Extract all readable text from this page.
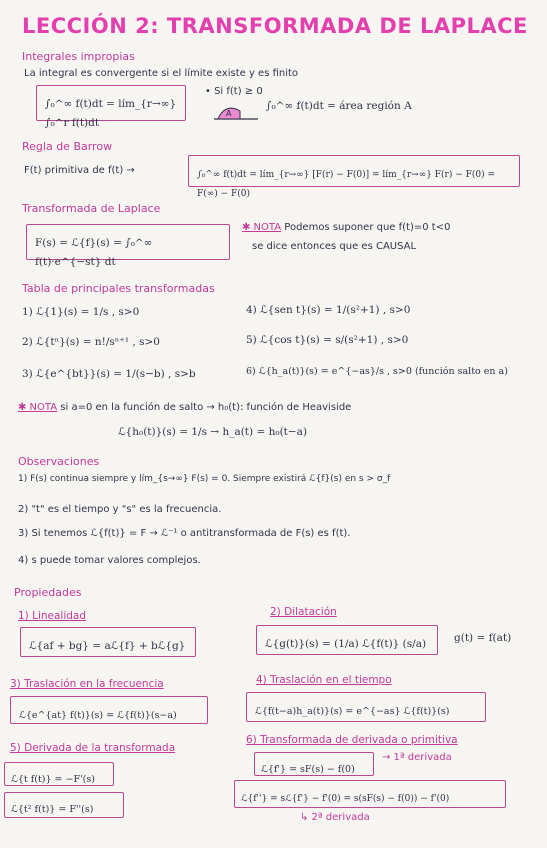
LECCIÓN 2: TRANSFORMADA DE LAPLACE
Integrales impropias
La integral es convergente si el límite existe y es finito
∫₀^∞ f(t)dt = lím_{r→∞} ∫₀^r f(t)dt
• Si f(t) ≥ 0
A
∫₀^∞ f(t)dt = área región A
Regla de Barrow
F(t) primitiva de f(t) →	∫₀^∞ f(t)dt = lím_{r→∞} [F(r) − F(0)] = lím_{r→∞} F(r) − F(0) = F(∞) − F(0)
Transformada de Laplace
F(s) = ℒ{f}(s) = ∫₀^∞ f(t)·e^{−st} dt
✱ NOTA Podemos suponer que f(t)=0 t<0
se dice entonces que es CAUSAL
Tabla de principales transformadas
1) ℒ{1}(s) = 1/s , s>0
2) ℒ{tⁿ}(s) = n!/sⁿ⁺¹ , s>0
3) ℒ{e^{bt}}(s) = 1/(s−b) , s>b
4) ℒ{sen t}(s) = 1/(s²+1) , s>0
5) ℒ{cos t}(s) = s/(s²+1) , s>0
6) ℒ{h_a(t)}(s) = e^{−as}/s , s>0 (función salto en a)
✱ NOTA si a=0 en la función de salto → h₀(t): función de Heaviside
ℒ{h₀(t)}(s) = 1/s → h_a(t) = h₀(t−a)
Observaciones
1) F(s) continua siempre y lím_{s→∞} F(s) = 0. Siempre existirá ℒ{f}(s) en s > σ_f
2) "t" es el tiempo y "s" es la frecuencia.
3) Si tenemos ℒ{f(t)} = F → ℒ⁻¹ o antitransformada de F(s) es f(t).
4) s puede tomar valores complejos.
Propiedades
1) Linealidad
ℒ{af + bg} = aℒ{f} + bℒ{g}
2) Dilatación
ℒ{g(t)}(s) = (1/a) ℒ{f(t)} (s/a)	g(t) = f(at)
3) Traslación en la frecuencia
ℒ{e^{at} f(t)}(s) = ℒ{f(t)}(s−a)
4) Traslación en el tiempo
ℒ{f(t−a)h_a(t)}(s) = e^{−as} ℒ{f(t)}(s)
5) Derivada de la transformada
ℒ{t f(t)} = −F'(s)
ℒ{t² f(t)} = F''(s)
6) Transformada de derivada o primitiva
ℒ{f'} = sF(s) − f(0)
→ 1ª derivada
ℒ{f''} = sℒ{f'} − f'(0) = s(sF(s) − f(0)) − f'(0)
↳ 2ª derivada
